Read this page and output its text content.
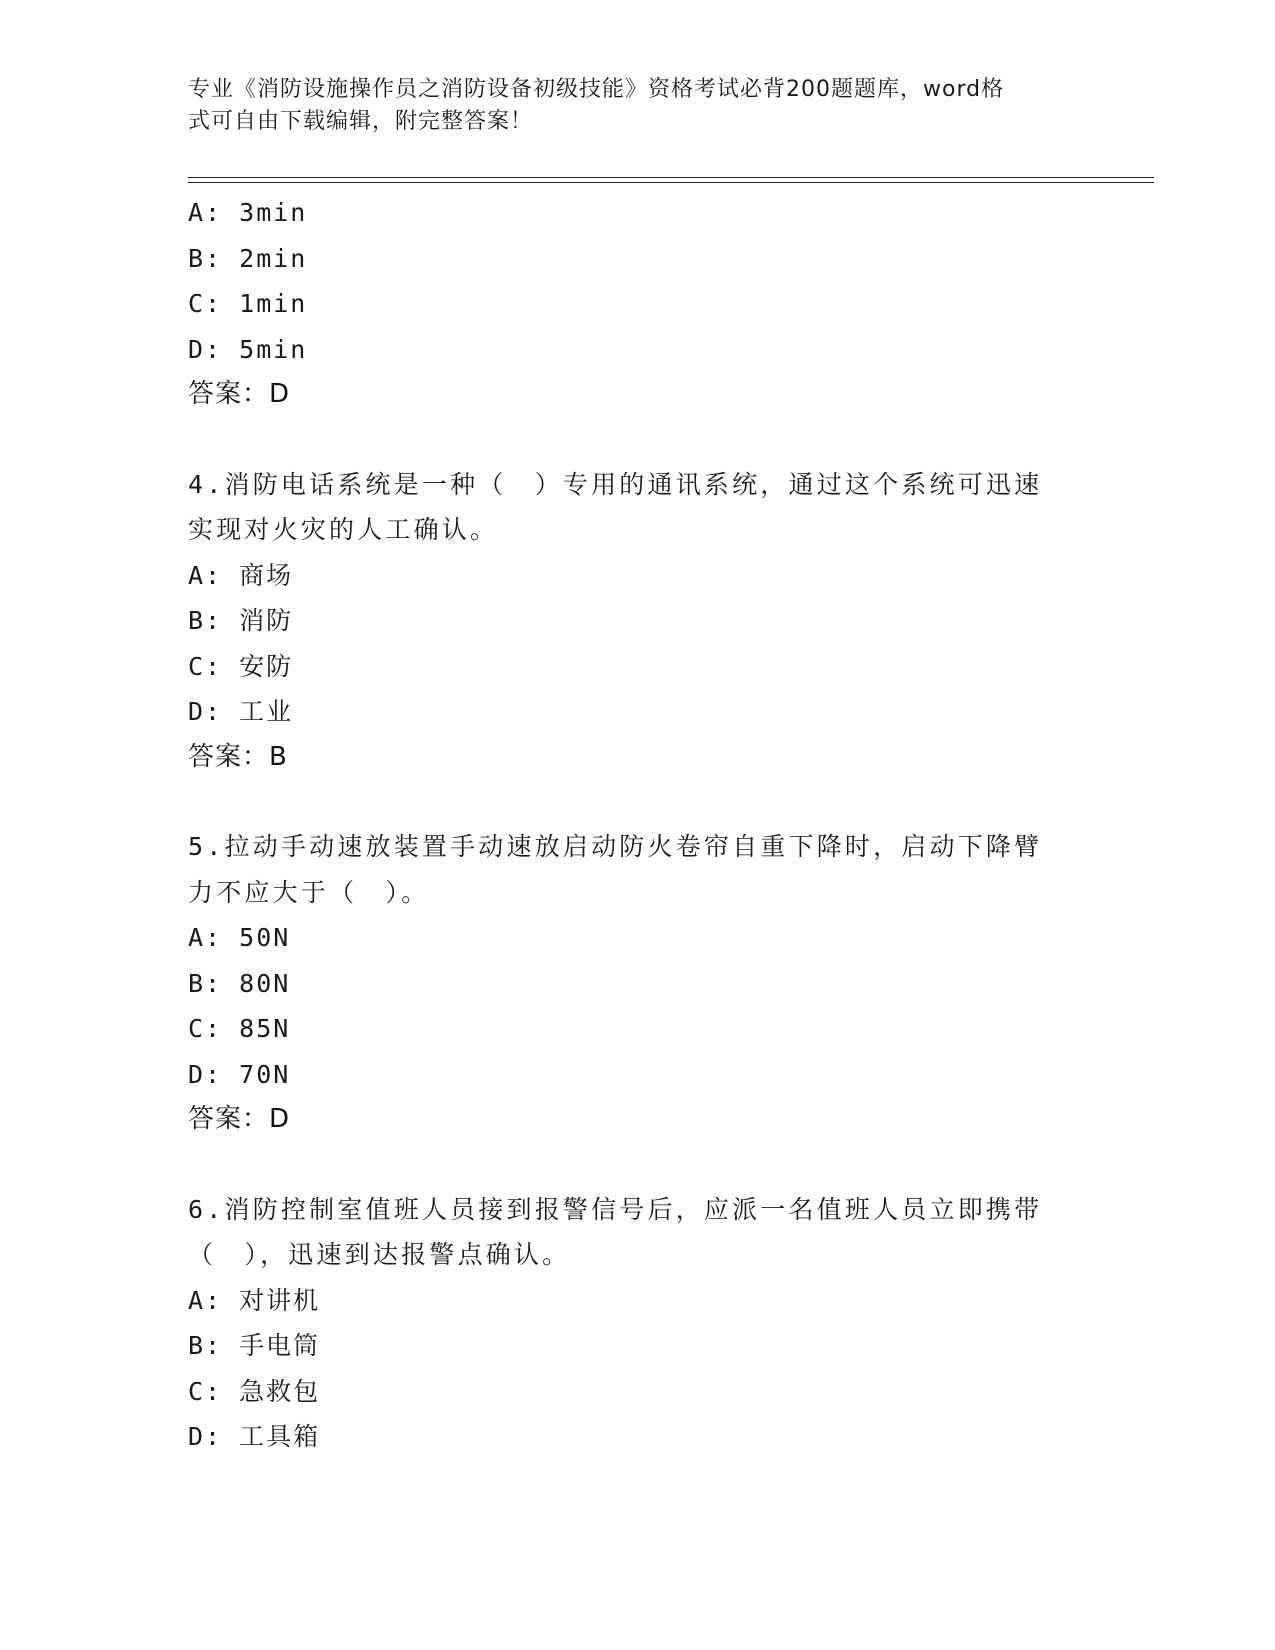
专业《消防设施操作员之消防设备初级技能》资格考试必背200题题库，word格
式可自由下载编辑，附完整答案！
A: 3min
B: 2min
C: 1min
D: 5min
答案：D
4.消防电话系统是一种（　）专用的通讯系统，通过这个系统可迅速
实现对火灾的人工确认。
A: 商场
B: 消防
C: 安防
D: 工业
答案：B
5.拉动手动速放装置手动速放启动防火卷帘自重下降时，启动下降臂
力不应大于（　）。
A: 50N
B: 80N
C: 85N
D: 70N
答案：D
6.消防控制室值班人员接到报警信号后，应派一名值班人员立即携带
（　），迅速到达报警点确认。
A: 对讲机
B: 手电筒
C: 急救包
D: 工具箱
